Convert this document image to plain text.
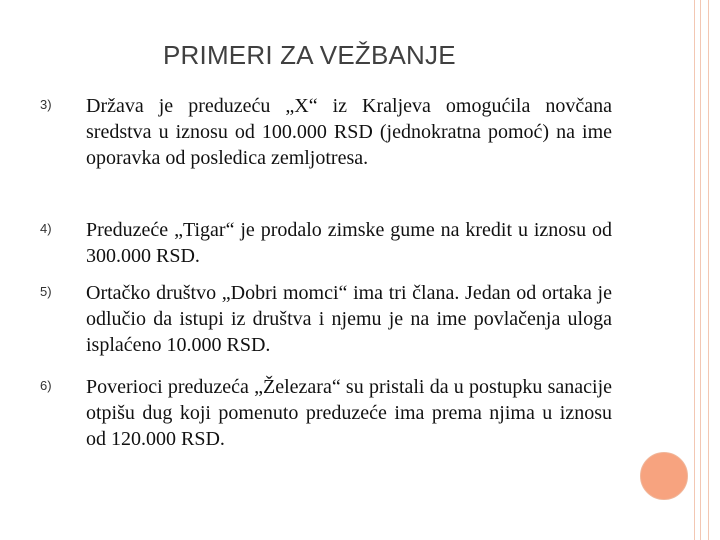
PRIMERI ZA VEŽBANJE
3) Država je preduzeću „X“ iz Kraljeva omogućila novčana sredstva u iznosu od 100.000 RSD (jednokratna pomoć) na ime oporavka od posledica zemljotresa.
4) Preduzeće „Tigar“ je prodalo zimske gume na kredit u iznosu od 300.000 RSD.
5) Ortačko društvo „Dobri momci“ ima tri člana. Jedan od ortaka je odlučio da istupi iz društva i njemu je na ime povlačenja uloga isplaćeno 10.000 RSD.
6) Poverioci preduzeća „Železara“ su pristali da u postupku sanacije otpišu dug koji pomenuto preduzeće ima prema njima u iznosu od 120.000 RSD.
